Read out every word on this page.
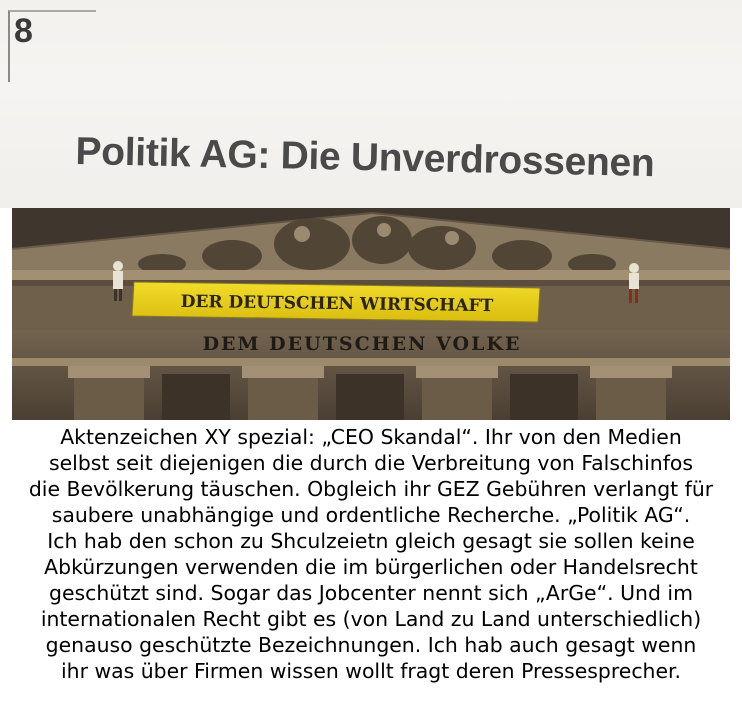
8
Politik AG: Die Unverdrossenen
DER DEUTSCHEN WIRTSCHAFT
DEM DEUTSCHEN VOLKE
Aktenzeichen XY spezial: „CEO Skandal“. Ihr von den Medien
selbst seit diejenigen die durch die Verbreitung von Falschinfos
die Bevölkerung täuschen. Obgleich ihr GEZ Gebühren verlangt für
saubere unabhängige und ordentliche Recherche. „Politik AG“.
Ich hab den schon zu Shculzeietn gleich gesagt sie sollen keine
Abkürzungen verwenden die im bürgerlichen oder Handelsrecht
geschützt sind. Sogar das Jobcenter nennt sich „ArGe“. Und im
internationalen Recht gibt es (von Land zu Land unterschiedlich)
genauso geschützte Bezeichnungen. Ich hab auch gesagt wenn
ihr was über Firmen wissen wollt fragt deren Pressesprecher.
